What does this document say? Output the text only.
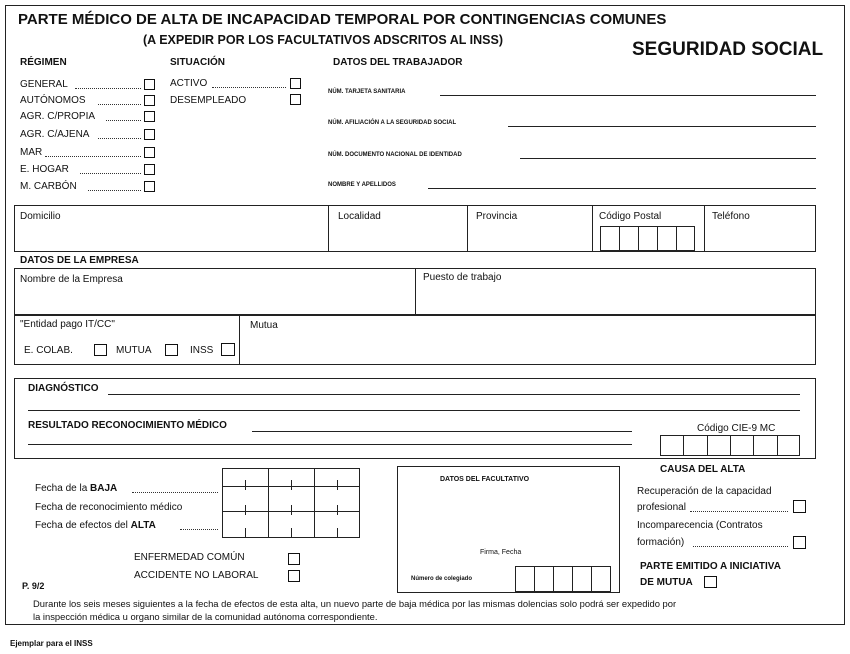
PARTE MÉDICO DE ALTA DE INCAPACIDAD TEMPORAL POR CONTINGENCIAS COMUNES
(A EXPEDIR POR LOS FACULTATIVOS ADSCRITOS AL INSS)	SEGURIDAD SOCIAL
RÉGIMEN
GENERAL
AUTÓNOMOS
AGR. C/PROPIA
AGR. C/AJENA
MAR
E. HOGAR
M. CARBÓN
SITUACIÓN
ACTIVO
DESEMPLEADO
DATOS DEL TRABAJADOR
NÚM. TARJETA SANITARIA
NÚM. AFILIACIÓN A LA SEGURIDAD SOCIAL
NÚM. DOCUMENTO NACIONAL DE IDENTIDAD
NOMBRE Y APELLIDOS
Domicilio	Localidad	Provincia	Código Postal	Teléfono
DATOS DE LA EMPRESA
Nombre de la Empresa	Puesto de trabajo
"Entidad pago IT/CC"	Mutua
E. COLAB.	MUTUA	INSS
DIAGNÓSTICO
RESULTADO RECONOCIMIENTO MÉDICO	Código CIE-9 MC
Fecha de la BAJA
Fecha de reconocimiento médico
Fecha de efectos del ALTA
ENFERMEDAD COMÚN
ACCIDENTE NO LABORAL
DATOS DEL FACULTATIVO
Firma, Fecha
Número de colegiado
CAUSA DEL ALTA
Recuperación de la capacidad
profesional
Incomparecencia (Contratos
formación)
PARTE EMITIDO A INICIATIVA
DE MUTUA
P. 9/2
Durante los seis meses siguientes a la fecha de efectos de esta alta, un nuevo parte de baja médica por las mismas dolencias solo podrá ser expedido por
la inspección médica u organo similar de la comunidad autónoma correspondiente.
Ejemplar para el INSS
